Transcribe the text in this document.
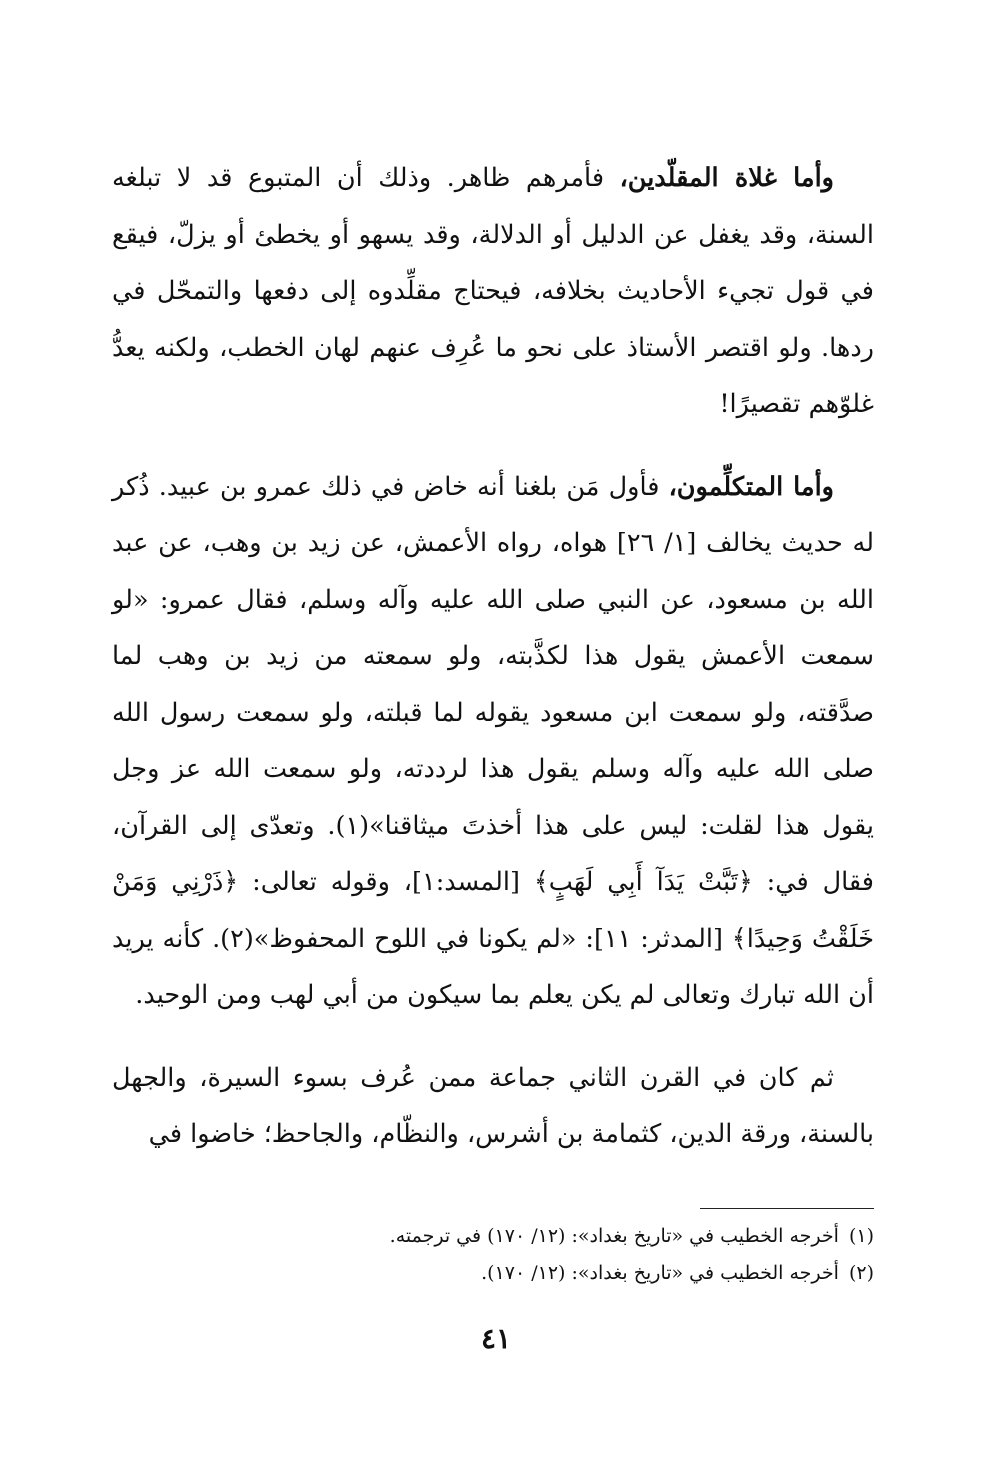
وأما غلاة المقلّدين، فأمرهم ظاهر. وذلك أن المتبوع قد لا تبلغه السنة، وقد يغفل عن الدليل أو الدلالة، وقد يسهو أو يخطئ أو يزلّ، فيقع في قول تجيء الأحاديث بخلافه، فيحتاج مقلِّدوه إلى دفعها والتمحّل في ردها. ولو اقتصر الأستاذ على نحو ما عُرِف عنهم لهان الخطب، ولكنه يعدُّ غلوّهم تقصيرًا!

وأما المتكلِّمون، فأول مَن بلغنا أنه خاض في ذلك عمرو بن عبيد. ذُكر له حديث يخالف [١/ ٢٦] هواه، رواه الأعمش، عن زيد بن وهب، عن عبد الله بن مسعود، عن النبي صلى الله عليه وآله وسلم، فقال عمرو: «لو سمعت الأعمش يقول هذا لكذَّبته، ولو سمعته من زيد بن وهب لما صدَّقته، ولو سمعت ابن مسعود يقوله لما قبلته، ولو سمعت رسول الله صلى الله عليه وآله وسلم يقول هذا لرددته، ولو سمعت الله عز وجل يقول هذا لقلت: ليس على هذا أخذتَ ميثاقنا»(١). وتعدّى إلى القرآن، فقال في: ﴿تَبَّتْ يَدَآ أَبِي لَهَبٍ﴾ [المسد:١]، وقوله تعالى: ﴿ذَرْنِي وَمَنْ خَلَقْتُ وَحِيدًا﴾ [المدثر: ١١]: «لم يكونا في اللوح المحفوظ»(٢). كأنه يريد أن الله تبارك وتعالى لم يكن يعلم بما سيكون من أبي لهب ومن الوحيد.

ثم كان في القرن الثاني جماعة ممن عُرف بسوء السيرة، والجهل بالسنة، ورقة الدين، كثمامة بن أشرس، والنظّام، والجاحظ؛ خاضوا في

(١)أخرجه الخطيب في «تاريخ بغداد»: (١٢/ ١٧٠) في ترجمته.

(٢)أخرجه الخطيب في «تاريخ بغداد»: (١٢/ ١٧٠).

٤١
